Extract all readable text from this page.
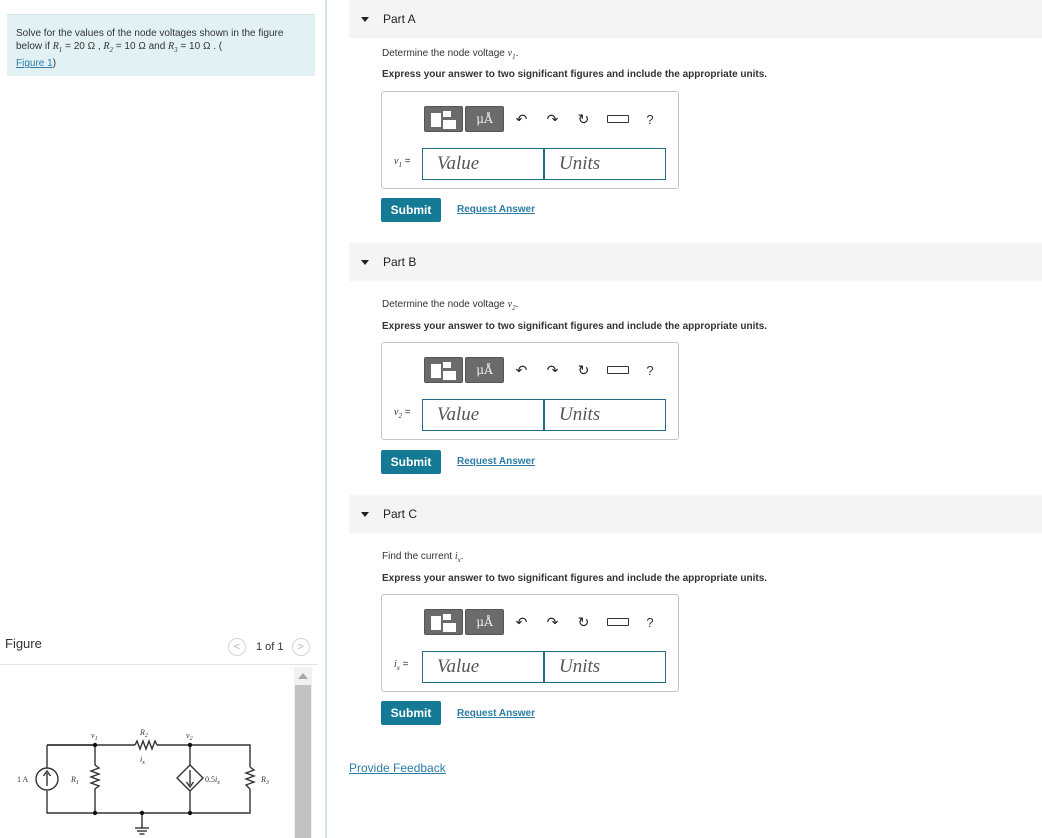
Solve for the values of the node voltages shown in the figure below if $R_1 = 20$ Ω , $R_2 = 10$ Ω and $R_3 = 10$ Ω . (
Figure 1)
Figure	<	1 of 1	>
1 A	$R_1$
$R_2$
$R_3$
$v_1$	$v_2$
$i_x$
$0.5i_x$
Part A
Determine the node voltage $v_1$.
Express your answer to two significant figures and include the appropriate units.
μÅ	↶	↷	↻	?
$v_1$ =
Value
Units
Submit	Request Answer
Part B
Determine the node voltage $v_2$.
Express your answer to two significant figures and include the appropriate units.
μÅ	↶	↷	↻	?
$v_2$ =
Value
Units
Submit	Request Answer
Part C
Find the current $i_x$.
Express your answer to two significant figures and include the appropriate units.
μÅ	↶	↷	↻	?
$i_x$ =
Value
Units
Submit	Request Answer
Provide Feedback
